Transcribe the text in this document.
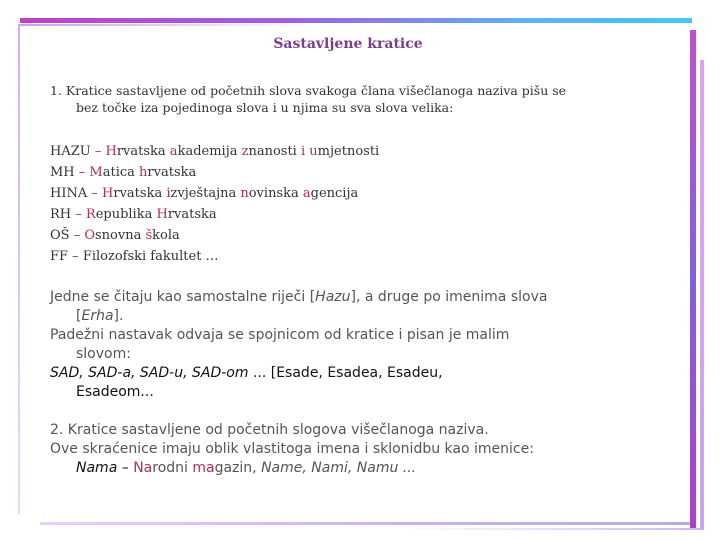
Sastavljene kratice
1. Kratice sastavljene od početnih slova svakoga člana višečlanoga naziva pišu se
bez točke iza pojedinoga slova i u njima su sva slova velika:
HAZU – Hrvatska akademija znanosti i umjetnosti
MH – Matica hrvatska
HINA – Hrvatska izvještajna novinska agencija
RH – Republika Hrvatska
OŠ – Osnovna škola
FF – Filozofski fakultet …
Jedne se čitaju kao samostalne riječi [Hazu], a druge po imenima slova
[Erha].
Padežni nastavak odvaja se spojnicom od kratice i pisan je malim
slovom:
SAD, SAD-a, SAD-u, SAD-om ... [Esade, Esadea, Esadeu,
Esadeom...

2. Kratice sastavljene od početnih slogova višečlanoga naziva.
Ove skraćenice imaju oblik vlastitoga imena i sklonidbu kao imenice:
Nama – Narodni magazin, Name, Nami, Namu ...
